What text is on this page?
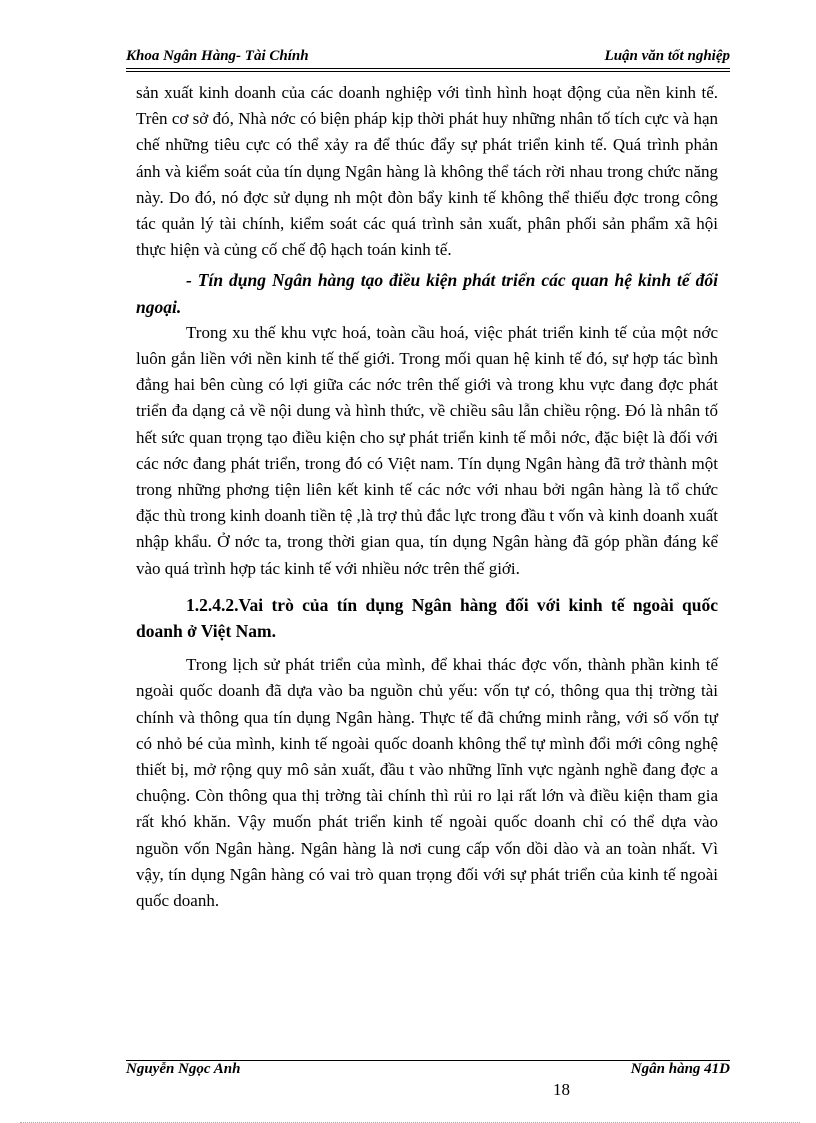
Khoa Ngân Hàng- Tài Chính	Luận văn tốt nghiệp

sản xuất kinh doanh của các doanh nghiệp với tình hình hoạt động của nền kinh tế. Trên cơ sở đó, Nhà nớc có biện pháp kịp thời phát huy những nhân tố tích cực và hạn chế những tiêu cực có thể xảy ra để thúc đẩy sự phát triển kinh tế. Quá trình phản ánh và kiểm soát của tín dụng Ngân hàng là không thể tách rời nhau trong chức năng này. Do đó, nó đợc sử dụng nh một đòn bẩy kinh tế không thể thiếu đợc trong công tác quản lý tài chính, kiểm soát các quá trình sản xuất, phân phối sản phẩm xã hội thực hiện và củng cố chế độ hạch toán kinh tế.

- Tín dụng Ngân hàng tạo điều kiện phát triển các quan hệ kinh tế đối ngoại.

Trong xu thế khu vực hoá, toàn cầu hoá, việc phát triển kinh tế của một nớc luôn gắn liền với nền kinh tế thế giới. Trong mối quan hệ kinh tế đó, sự hợp tác bình đẳng hai bên cùng có lợi giữa các nớc trên thế giới và trong khu vực đang đợc phát triển đa dạng cả về nội dung và hình thức, về chiều sâu lẫn chiều rộng. Đó là nhân tố hết sức quan trọng tạo điều kiện cho sự phát triển kinh tế mỗi nớc, đặc biệt là đối với các nớc đang phát triển, trong đó có Việt nam. Tín dụng Ngân hàng đã trở thành một trong những phơng tiện liên kết kinh tế các nớc với nhau bởi ngân hàng là tổ chức đặc thù trong kinh doanh tiền tệ ,là trợ thủ đắc lực trong đầu t vốn và kinh doanh xuất nhập khẩu. Ở nớc ta, trong thời gian qua, tín dụng Ngân hàng đã góp phần đáng kể vào quá trình hợp tác kinh tế với nhiều nớc trên thế giới.

1.2.4.2.Vai trò của tín dụng Ngân hàng đối với kinh tế ngoài quốc doanh ở Việt Nam.

Trong lịch sử phát triển của mình, để khai thác đợc vốn, thành phần kinh tế ngoài quốc doanh đã dựa vào ba nguồn chủ yếu: vốn tự có, thông qua thị trờng tài chính và thông qua tín dụng Ngân hàng. Thực tế đã chứng minh rằng, với số vốn tự có nhỏ bé của mình, kinh tế ngoài quốc doanh không thể tự mình đổi mới công nghệ thiết bị, mở rộng quy mô sản xuất, đầu t vào những lĩnh vực ngành nghề đang đợc a chuộng. Còn thông qua thị trờng tài chính thì rủi ro lại rất lớn và điều kiện tham gia rất khó khăn. Vậy muốn phát triển kinh tế ngoài quốc doanh chỉ có thể dựa vào nguồn vốn Ngân hàng. Ngân hàng là nơi cung cấp vốn dồi dào và an toàn nhất. Vì vậy, tín dụng Ngân hàng có vai trò quan trọng đối với sự phát triển của kinh tế ngoài quốc doanh.

Nguyễn Ngọc Anh	Ngân hàng 41D
18
